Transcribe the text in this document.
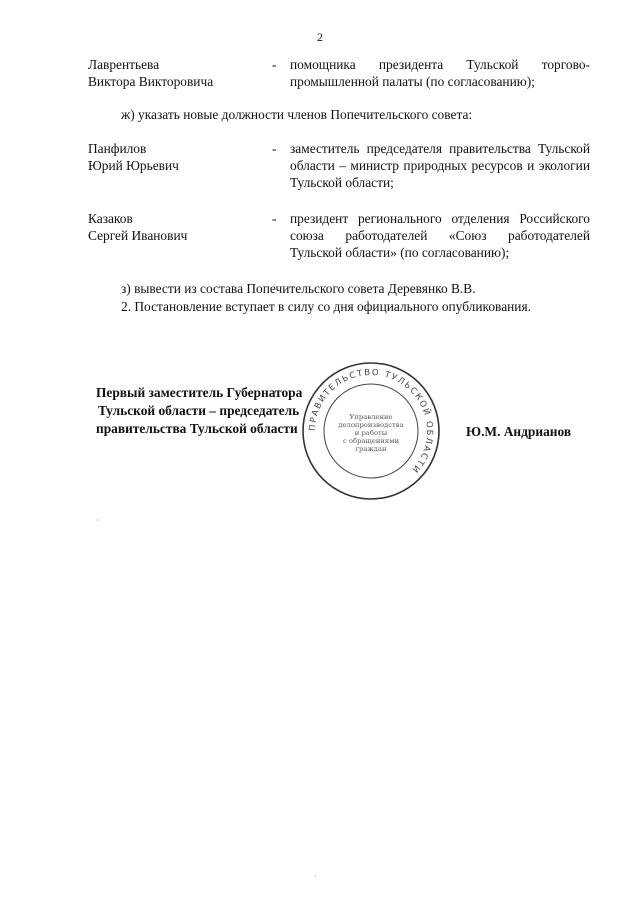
2
Лаврентьева
Виктора Викторовича
- помощника президента Тульской торгово-промышленной палаты (по согласованию);
ж) указать новые должности членов Попечительского совета:
Панфилов
Юрий Юрьевич
- заместитель председателя правительства Тульской области – министр природных ресурсов и экологии Тульской области;
Казаков
Сергей Иванович
- президент регионального отделения Российского союза работодателей «Союз работодателей Тульской области» (по согласованию);
з) вывести из состава Попечительского совета Деревянко В.В.
2. Постановление вступает в силу со дня официального опубликования.
ПРАВИТЕЛЬСТВО ТУЛЬСКОЙ ОБЛАСТИ
Управление
делопроизводства
и работы
с обращениями
граждан
Первый заместитель Губернатора
Тульской области – председатель
правительства Тульской области	Ю.М. Андрианов
·
·
